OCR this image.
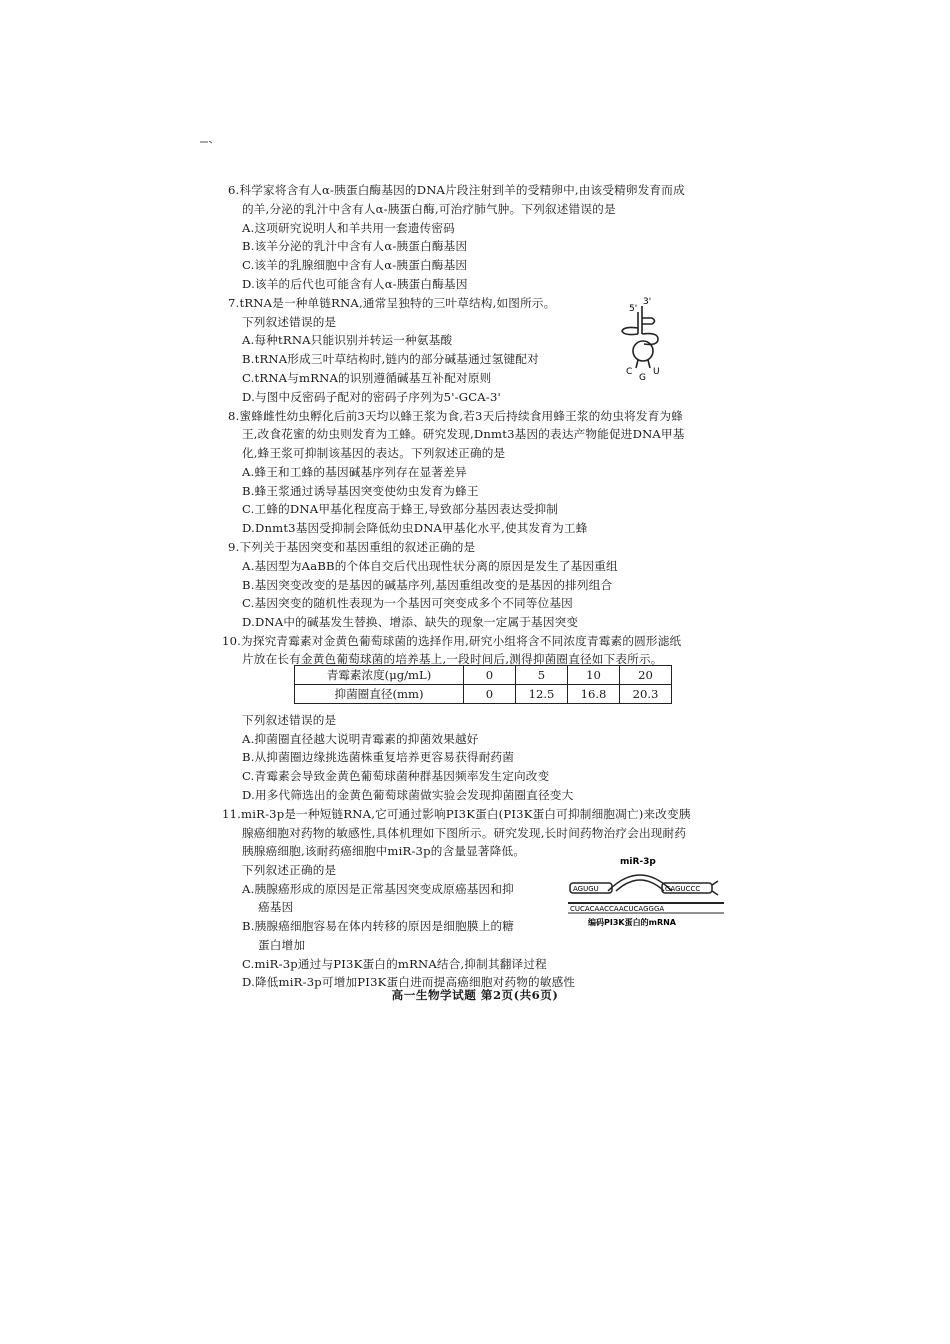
6.科学家将含有人α-胰蛋白酶基因的DNA片段注射到羊的受精卵中,由该受精卵发育而成
的羊,分泌的乳汁中含有人α-胰蛋白酶,可治疗肺气肿。下列叙述错误的是
A.这项研究说明人和羊共用一套遗传密码
B.该羊分泌的乳汁中含有人α-胰蛋白酶基因
C.该羊的乳腺细胞中含有人α-胰蛋白酶基因
D.该羊的后代也可能含有人α-胰蛋白酶基因
7.tRNA是一种单链RNA,通常呈独特的三叶草结构,如图所示。
下列叙述错误的是
A.每种tRNA只能识别并转运一种氨基酸
B.tRNA形成三叶草结构时,链内的部分碱基通过氢键配对
C.tRNA与mRNA的识别遵循碱基互补配对原则
D.与图中反密码子配对的密码子序列为5'-GCA-3'
5'
3'
C
G
U
8.蜜蜂雌性幼虫孵化后前3天均以蜂王浆为食,若3天后持续食用蜂王浆的幼虫将发育为蜂
王,改食花蜜的幼虫则发育为工蜂。研究发现,Dnmt3基因的表达产物能促进DNA甲基
化,蜂王浆可抑制该基因的表达。下列叙述正确的是
A.蜂王和工蜂的基因碱基序列存在显著差异
B.蜂王浆通过诱导基因突变使幼虫发育为蜂王
C.工蜂的DNA甲基化程度高于蜂王,导致部分基因表达受抑制
D.Dnmt3基因受抑制会降低幼虫DNA甲基化水平,使其发育为工蜂
9.下列关于基因突变和基因重组的叙述正确的是
A.基因型为AaBB的个体自交后代出现性状分离的原因是发生了基因重组
B.基因突变改变的是基因的碱基序列,基因重组改变的是基因的排列组合
C.基因突变的随机性表现为一个基因可突变成多个不同等位基因
D.DNA中的碱基发生替换、增添、缺失的现象一定属于基因突变
10.为探究青霉素对金黄色葡萄球菌的选择作用,研究小组将含不同浓度青霉素的圆形滤纸
片放在长有金黄色葡萄球菌的培养基上,一段时间后,测得抑菌圈直径如下表所示。
青霉素浓度(μg/mL)	0	5	10	20
抑菌圈直径(mm)	0	12.5	16.8	20.3
下列叙述错误的是
A.抑菌圈直径越大说明青霉素的抑菌效果越好
B.从抑菌圈边缘挑选菌株重复培养更容易获得耐药菌
C.青霉素会导致金黄色葡萄球菌种群基因频率发生定向改变
D.用多代筛选出的金黄色葡萄球菌做实验会发现抑菌圈直径变大
11.miR-3p是一种短链RNA,它可通过影响PI3K蛋白(PI3K蛋白可抑制细胞凋亡)来改变胰
腺癌细胞对药物的敏感性,具体机理如下图所示。研究发现,长时间药物治疗会出现耐药
胰腺癌细胞,该耐药癌细胞中miR-3p的含量显著降低。
下列叙述正确的是
A.胰腺癌形成的原因是正常基因突变成原癌基因和抑
癌基因
B.胰腺癌细胞容易在体内转移的原因是细胞膜上的糖
蛋白增加
C.miR-3p通过与PI3K蛋白的mRNA结合,抑制其翻译过程
D.降低miR-3p可增加PI3K蛋白进而提高癌细胞对药物的敏感性
miR-3p
AGUGU	GAGUCCC
CUCACAACCAACUCAGGGA
编码PI3K蛋白的mRNA
高一生物学试题 第2页(共6页)
